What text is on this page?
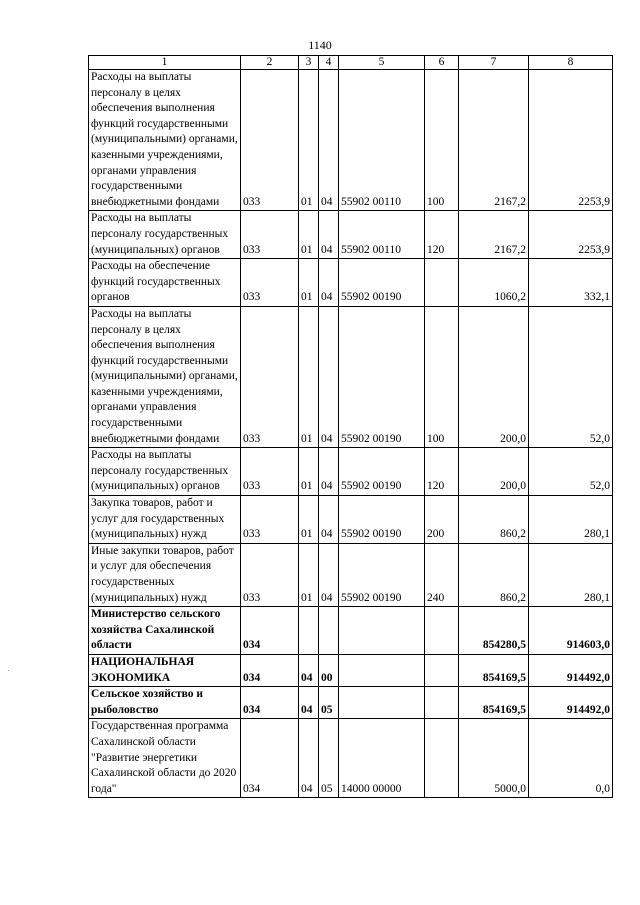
1140
1	2	3	4	5	6	7	8
Расходы на выплаты персоналу в целях обеспечения выполнения функций государственными (муниципальными) органами, казенными учреждениями, органами управления государственными внебюджетными фондами	033	01	04	55902 00110	100	2167,2	2253,9
Расходы на выплаты персоналу государственных (муниципальных) органов	033	01	04	55902 00110	120	2167,2	2253,9
Расходы на обеспечение функций государственных органов	033	01	04	55902 00190		1060,2	332,1
Расходы на выплаты персоналу в целях обеспечения выполнения функций государственными (муниципальными) органами, казенными учреждениями, органами управления государственными внебюджетными фондами	033	01	04	55902 00190	100	200,0	52,0
Расходы на выплаты персоналу государственных (муниципальных) органов	033	01	04	55902 00190	120	200,0	52,0
Закупка товаров, работ и услуг для государственных (муниципальных) нужд	033	01	04	55902 00190	200	860,2	280,1
Иные закупки товаров, работ и услуг для обеспечения государственных (муниципальных) нужд	033	01	04	55902 00190	240	860,2	280,1
Министерство сельского хозяйства Сахалинской области	034					854280,5	914603,0
НАЦИОНАЛЬНАЯ ЭКОНОМИКА	034	04	00			854169,5	914492,0
Сельское хозяйство и рыболовство	034	04	05			854169,5	914492,0
Государственная программа Сахалинской области "Развитие энергетики Сахалинской области до 2020 года"	034	04	05	14000 00000		5000,0	0,0
